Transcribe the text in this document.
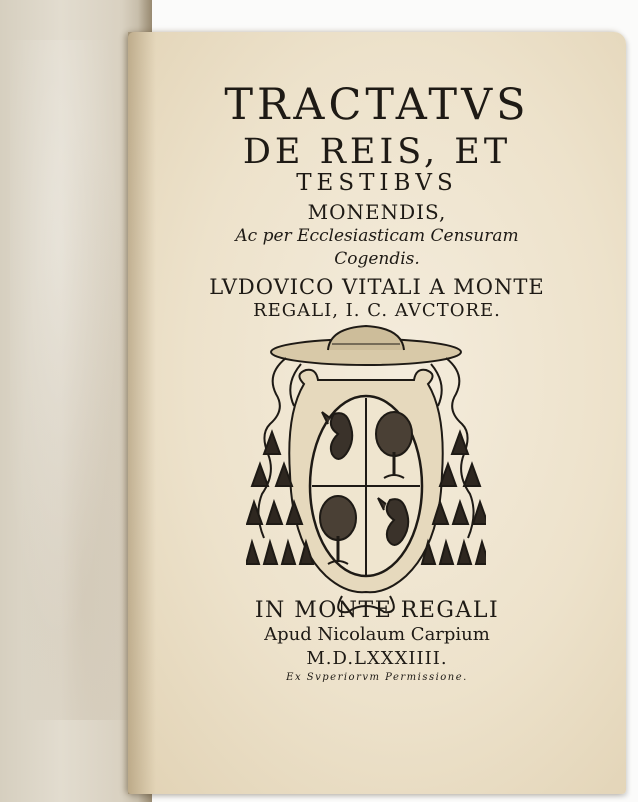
TRACTATVS
DE REIS, ET
TESTIBVS
MONENDIS,
Ac per Ecclesiasticam Censuram
Cogendis.
LVDOVICO VITALI A MONTE
REGALI, I. C. AVCTORE.
IN MONTE REGALI
Apud Nicolaum Carpium
M.D.LXXXIIII.
Ex Svperiorvm Permissione.
